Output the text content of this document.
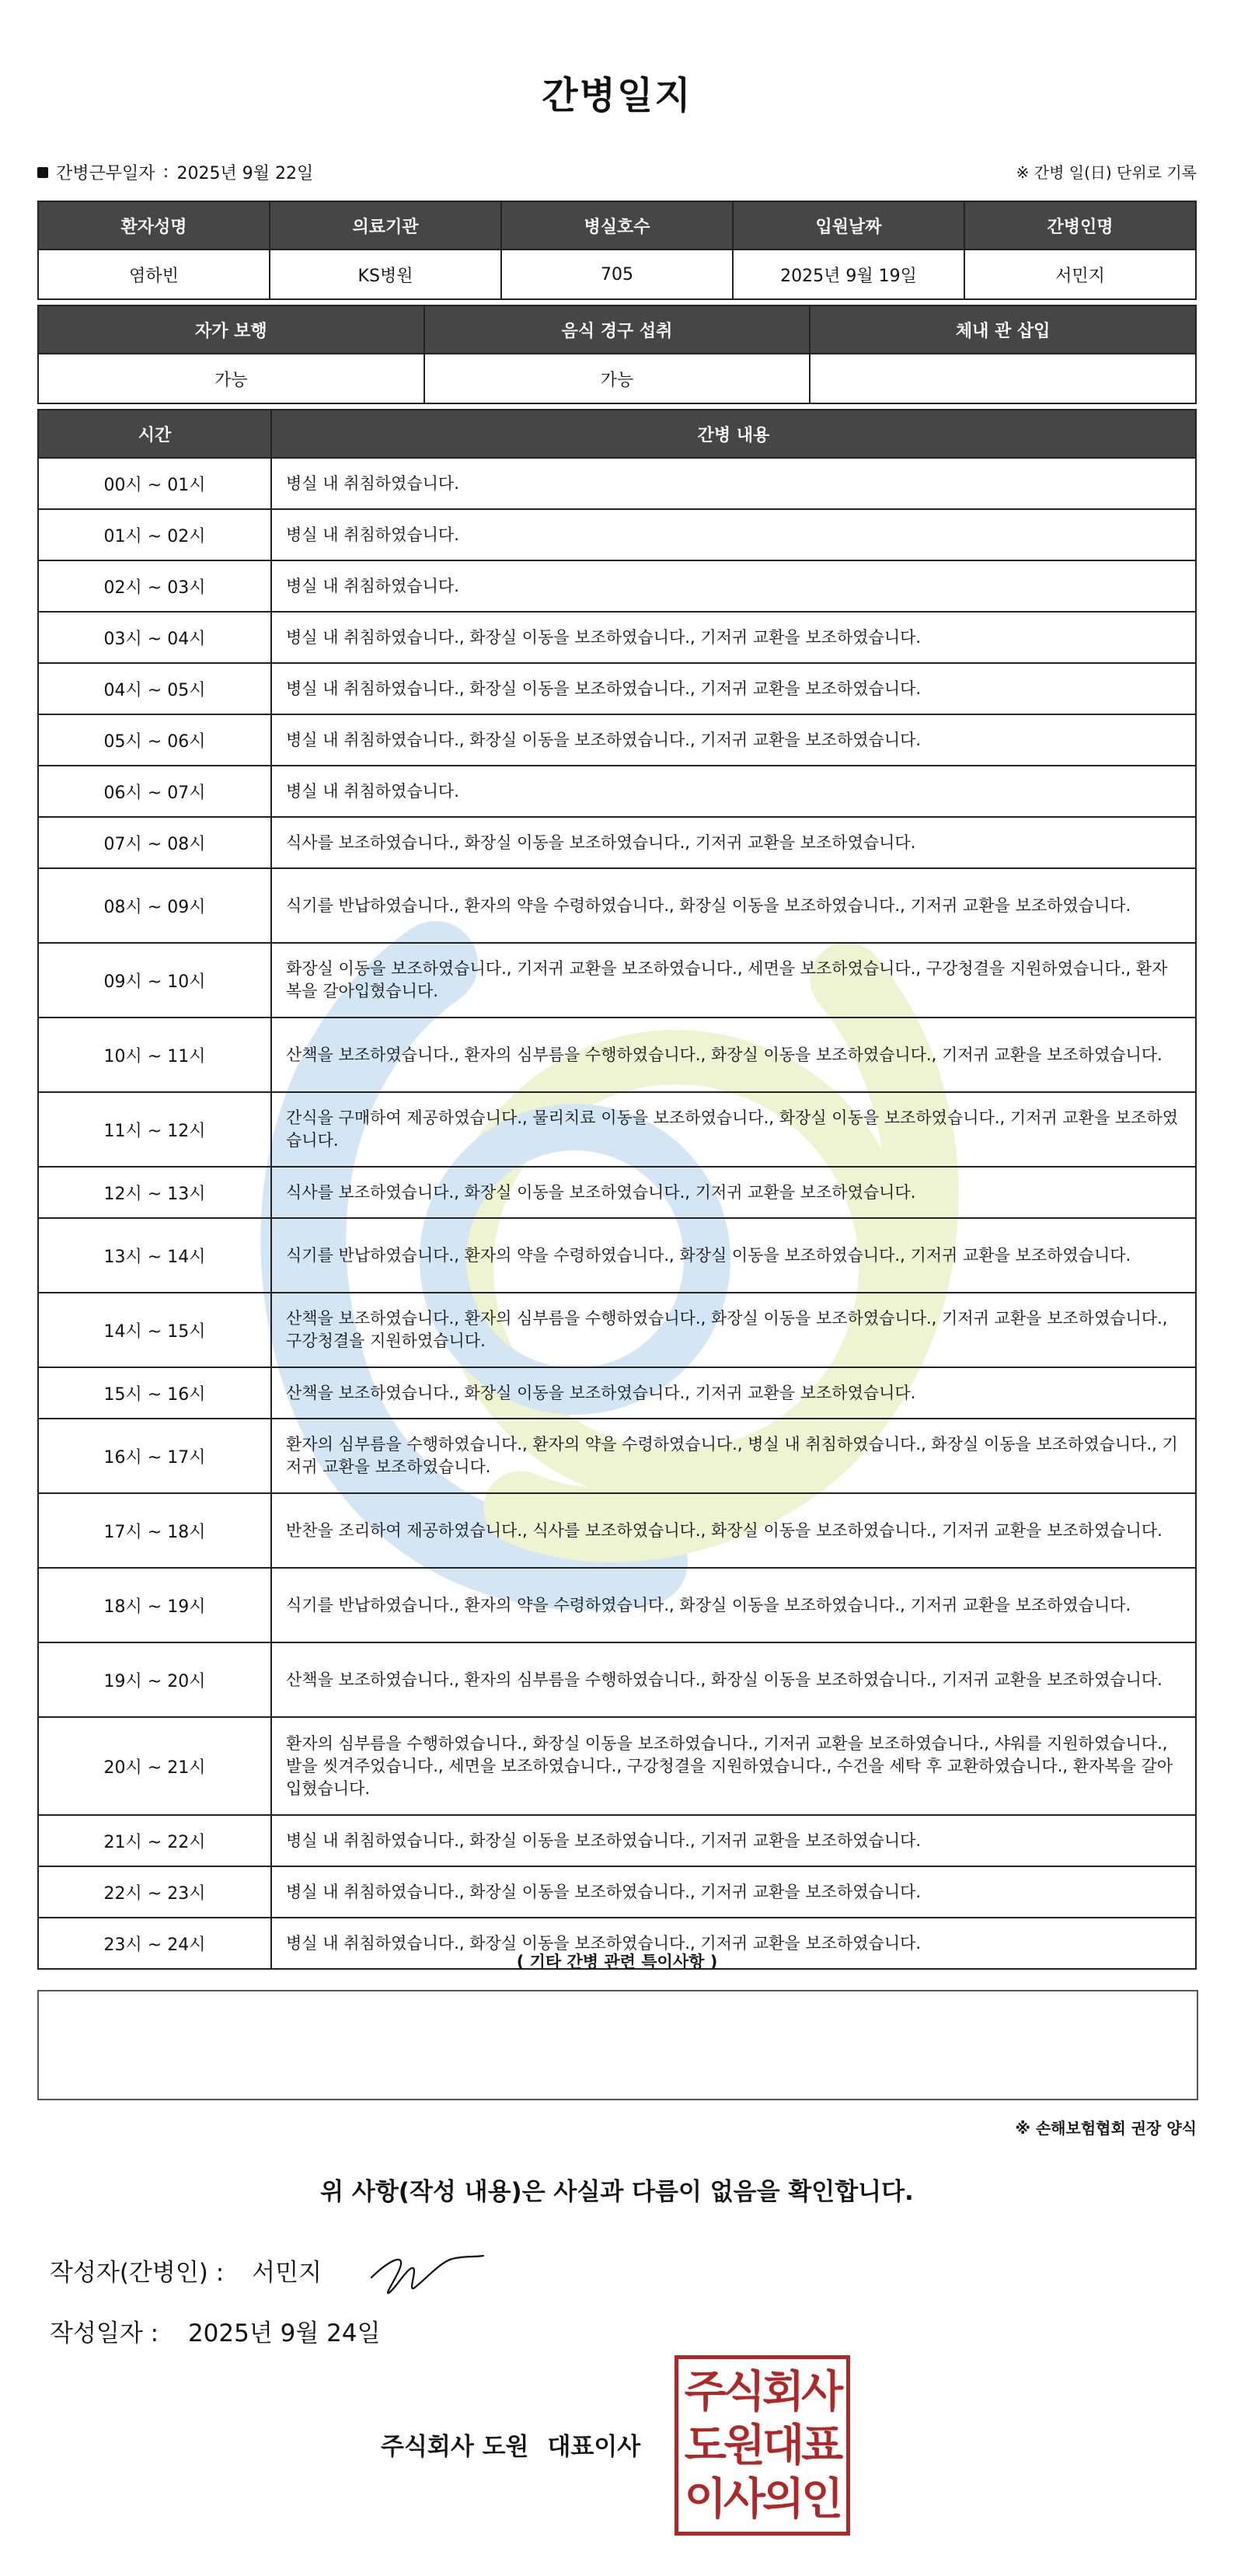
간병일지
간병근무일자 : 2025년 9월 22일	※ 간병 일(日) 단위로 기록
환자성명	의료기관	병실호수	입원날짜	간병인명
염하빈	KS병원	705	2025년 9월 19일	서민지
자가 보행	음식 경구 섭취	체내 관 삽입
가능	가능	
시간	간병 내용
00시 ~ 01시	병실 내 취침하였습니다.
01시 ~ 02시	병실 내 취침하였습니다.
02시 ~ 03시	병실 내 취침하였습니다.
03시 ~ 04시	병실 내 취침하였습니다., 화장실 이동을 보조하였습니다., 기저귀 교환을 보조하였습니다.
04시 ~ 05시	병실 내 취침하였습니다., 화장실 이동을 보조하였습니다., 기저귀 교환을 보조하였습니다.
05시 ~ 06시	병실 내 취침하였습니다., 화장실 이동을 보조하였습니다., 기저귀 교환을 보조하였습니다.
06시 ~ 07시	병실 내 취침하였습니다.
07시 ~ 08시	식사를 보조하였습니다., 화장실 이동을 보조하였습니다., 기저귀 교환을 보조하였습니다.
08시 ~ 09시	식기를 반납하였습니다., 환자의 약을 수령하였습니다., 화장실 이동을 보조하였습니다., 기저귀 교환을 보조하였습니다.
09시 ~ 10시	화장실 이동을 보조하였습니다., 기저귀 교환을 보조하였습니다., 세면을 보조하였습니다., 구강청결을 지원하였습니다., 환자복을 갈아입혔습니다.
10시 ~ 11시	산책을 보조하였습니다., 환자의 심부름을 수행하였습니다., 화장실 이동을 보조하였습니다., 기저귀 교환을 보조하였습니다.
11시 ~ 12시	간식을 구매하여 제공하였습니다., 물리치료 이동을 보조하였습니다., 화장실 이동을 보조하였습니다., 기저귀 교환을 보조하였습니다.
12시 ~ 13시	식사를 보조하였습니다., 화장실 이동을 보조하였습니다., 기저귀 교환을 보조하였습니다.
13시 ~ 14시	식기를 반납하였습니다., 환자의 약을 수령하였습니다., 화장실 이동을 보조하였습니다., 기저귀 교환을 보조하였습니다.
14시 ~ 15시	산책을 보조하였습니다., 환자의 심부름을 수행하였습니다., 화장실 이동을 보조하였습니다., 기저귀 교환을 보조하였습니다., 구강청결을 지원하였습니다.
15시 ~ 16시	산책을 보조하였습니다., 화장실 이동을 보조하였습니다., 기저귀 교환을 보조하였습니다.
16시 ~ 17시	환자의 심부름을 수행하였습니다., 환자의 약을 수령하였습니다., 병실 내 취침하였습니다., 화장실 이동을 보조하였습니다., 기저귀 교환을 보조하였습니다.
17시 ~ 18시	반찬을 조리하여 제공하였습니다., 식사를 보조하였습니다., 화장실 이동을 보조하였습니다., 기저귀 교환을 보조하였습니다.
18시 ~ 19시	식기를 반납하였습니다., 환자의 약을 수령하였습니다., 화장실 이동을 보조하였습니다., 기저귀 교환을 보조하였습니다.
19시 ~ 20시	산책을 보조하였습니다., 환자의 심부름을 수행하였습니다., 화장실 이동을 보조하였습니다., 기저귀 교환을 보조하였습니다.
20시 ~ 21시	환자의 심부름을 수행하였습니다., 화장실 이동을 보조하였습니다., 기저귀 교환을 보조하였습니다., 샤워를 지원하였습니다., 발을 씻겨주었습니다., 세면을 보조하였습니다., 구강청결을 지원하였습니다., 수건을 세탁 후 교환하였습니다., 환자복을 갈아입혔습니다.
21시 ~ 22시	병실 내 취침하였습니다., 화장실 이동을 보조하였습니다., 기저귀 교환을 보조하였습니다.
22시 ~ 23시	병실 내 취침하였습니다., 화장실 이동을 보조하였습니다., 기저귀 교환을 보조하였습니다.
23시 ~ 24시	병실 내 취침하였습니다., 화장실 이동을 보조하였습니다., 기저귀 교환을 보조하였습니다.
( 기타 간병 관련 특이사항 )
※ 손해보험협회 권장 양식
위 사항(작성 내용)은 사실과 다름이 없음을 확인합니다.
작성자(간병인) : 서민지
작성일자 : 2025년 9월 24일
주식회사 도원 대표이사
주식회사
도원대표
이사의인
